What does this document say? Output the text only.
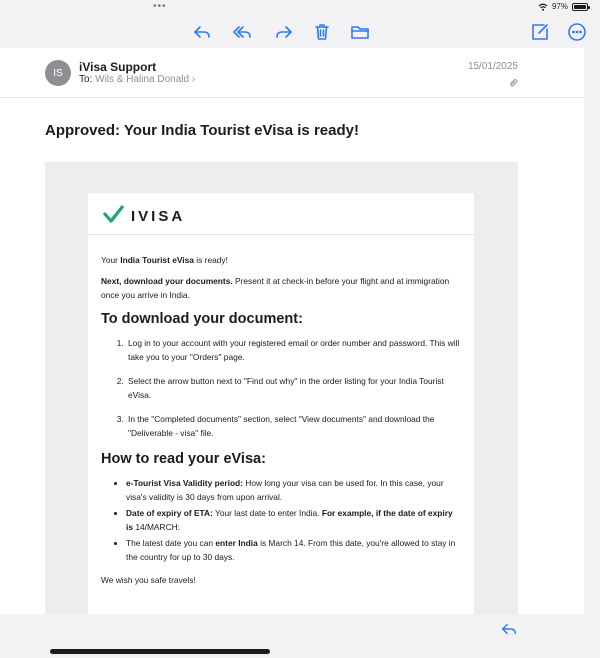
•••	97%
IS	iVisa Support
To: Wils & Halina Donald ›
15/01/2025
Approved: Your India Tourist eVisa is ready!
IVISA
Your India Tourist eVisa is ready!
Next, download your documents. Present it at check-in before your flight and at immigration once you arrive in India.
To download your document:
1. Log in to your account with your registered email or order number and password. This will take you to your "Orders" page.
2. Select the arrow button next to "Find out why" in the order listing for your India Tourist eVisa.
3. In the "Completed documents" section, select "View documents" and download the "Deliverable - visa" file.
How to read your eVisa:
• e-Tourist Visa Validity period: How long your visa can be used for. In this case, your visa's validity is 30 days from upon arrival.
• Date of expiry of ETA: Your last date to enter India. For example, if the date of expiry is 14/MARCH:
• The latest date you can enter India is March 14. From this date, you're allowed to stay in the country for up to 30 days.
We wish you safe travels!
